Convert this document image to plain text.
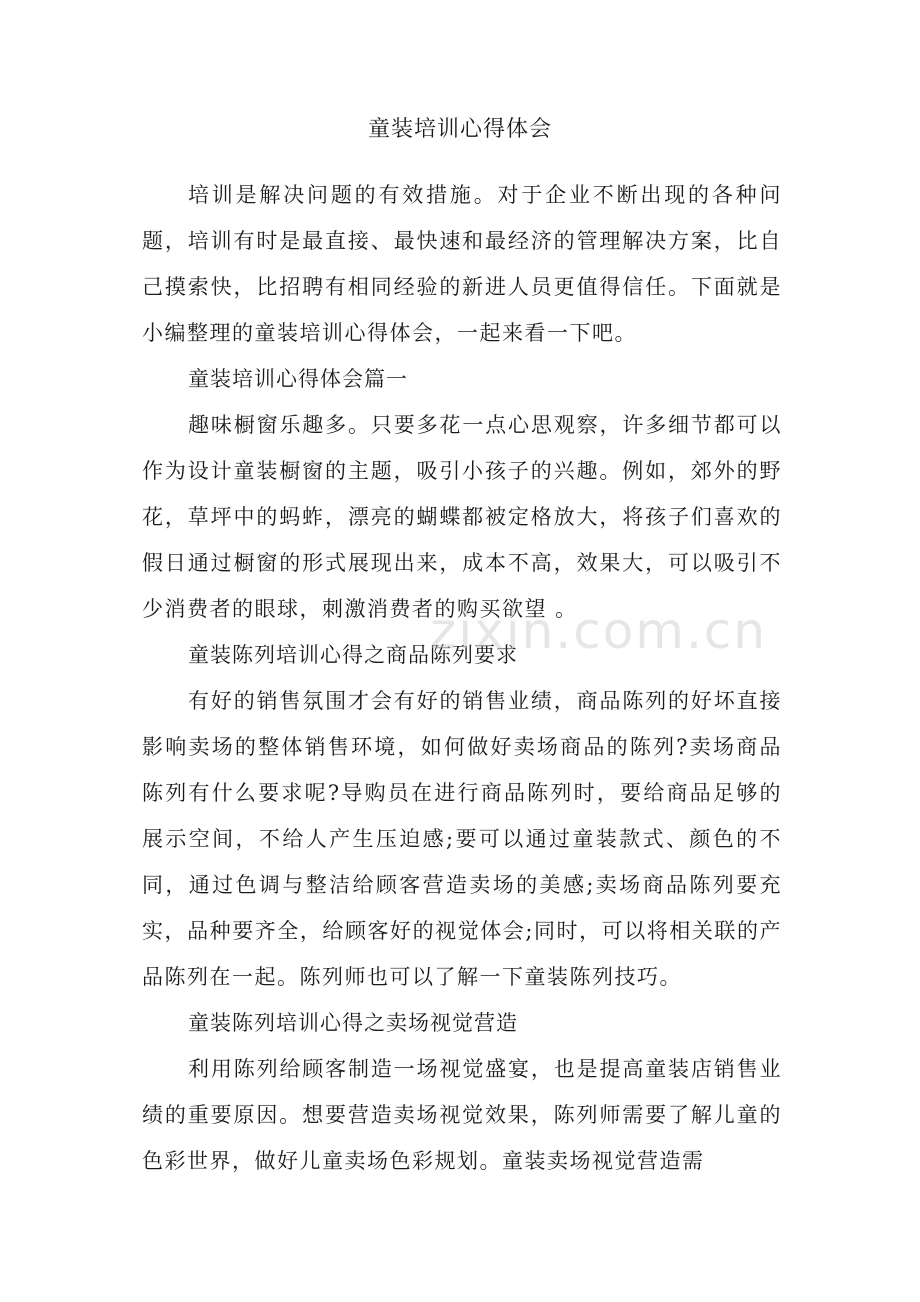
童装培训心得体会

培训是解决问题的有效措施。对于企业不断出现的各种问题，培训有时是最直接、最快速和最经济的管理解决方案，比自己摸索快，比招聘有相同经验的新进人员更值得信任。下面就是小编整理的童装培训心得体会，一起来看一下吧。

童装培训心得体会篇一

趣味橱窗乐趣多。只要多花一点心思观察，许多细节都可以作为设计童装橱窗的主题，吸引小孩子的兴趣。例如，郊外的野花，草坪中的蚂蚱，漂亮的蝴蝶都被定格放大，将孩子们喜欢的假日通过橱窗的形式展现出来，成本不高，效果大，可以吸引不少消费者的眼球，刺激消费者的购买欲望 。

童装陈列培训心得之商品陈列要求

有好的销售氛围才会有好的销售业绩，商品陈列的好坏直接影响卖场的整体销售环境，如何做好卖场商品的陈列?卖场商品陈列有什么要求呢?导购员在进行商品陈列时，要给商品足够的展示空间，不给人产生压迫感;要可以通过童装款式、颜色的不同，通过色调与整洁给顾客营造卖场的美感;卖场商品陈列要充实，品种要齐全，给顾客好的视觉体会;同时，可以将相关联的产品陈列在一起。陈列师也可以了解一下童装陈列技巧。

童装陈列培训心得之卖场视觉营造

利用陈列给顾客制造一场视觉盛宴，也是提高童装店销售业绩的重要原因。想要营造卖场视觉效果，陈列师需要了解儿童的色彩世界，做好儿童卖场色彩规划。童装卖场视觉营造需

zixin.com.cn
